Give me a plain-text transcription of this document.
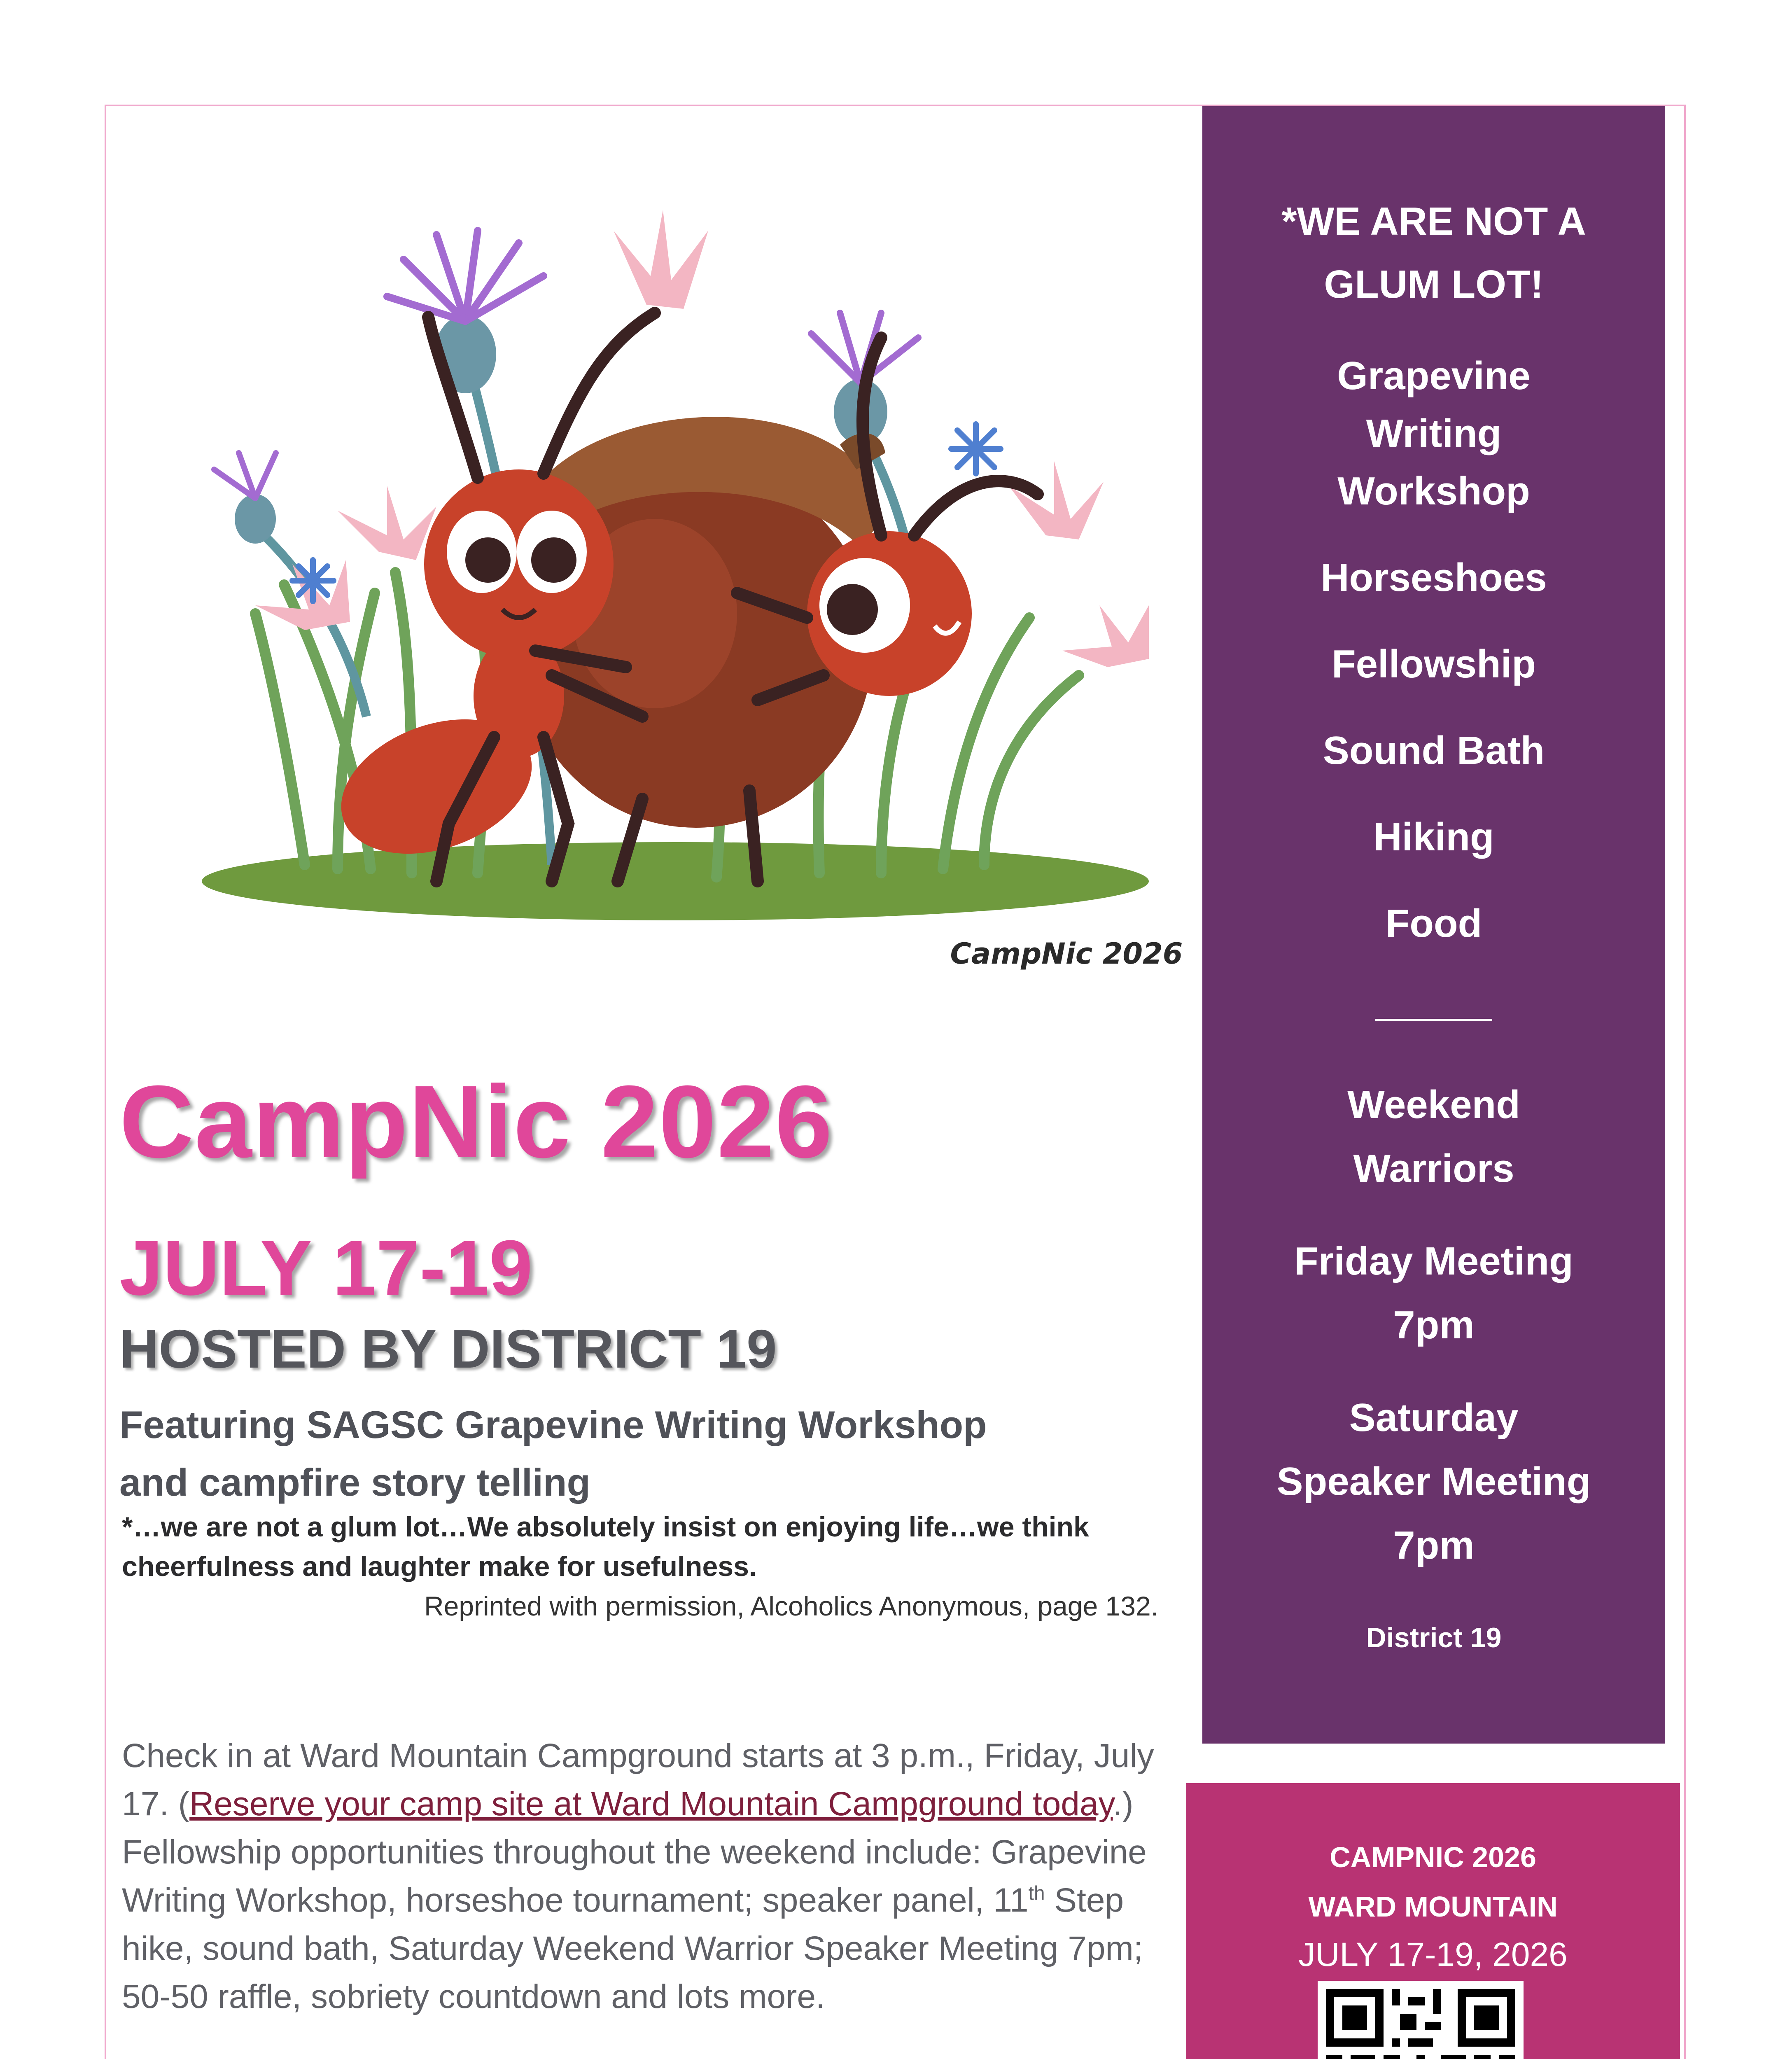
CampNic 2026
CampNic 2026
JULY 17-19
HOSTED BY DISTRICT 19

Featuring SAGSC Grapevine Writing Workshop
and campfire story telling

*…we are not a glum lot…We absolutely insist on enjoying life…we think cheerfulness and laughter make for usefulness.

Reprinted with permission, Alcoholics Anonymous, page 132.

Check in at Ward Mountain Campground starts at 3 p.m., Friday, July 17. (Reserve your camp site at Ward Mountain Campground today.) Fellowship opportunities throughout the weekend include: Grapevine Writing Workshop, horseshoe tournament; speaker panel, 11th Step hike, sound bath, Saturday Weekend Warrior Speaker Meeting 7pm; 50-50 raffle, sobriety countdown and lots more.

*WE ARE NOT A

GLUM LOT!

Grapevine

Writing

Workshop

Horseshoes

Fellowship

Sound Bath

Hiking

Food

Weekend

Warriors

Friday Meeting

7pm

Saturday

Speaker Meeting

7pm

District 19

CAMPNIC 2026

WARD MOUNTAIN

JULY 17-19, 2026
